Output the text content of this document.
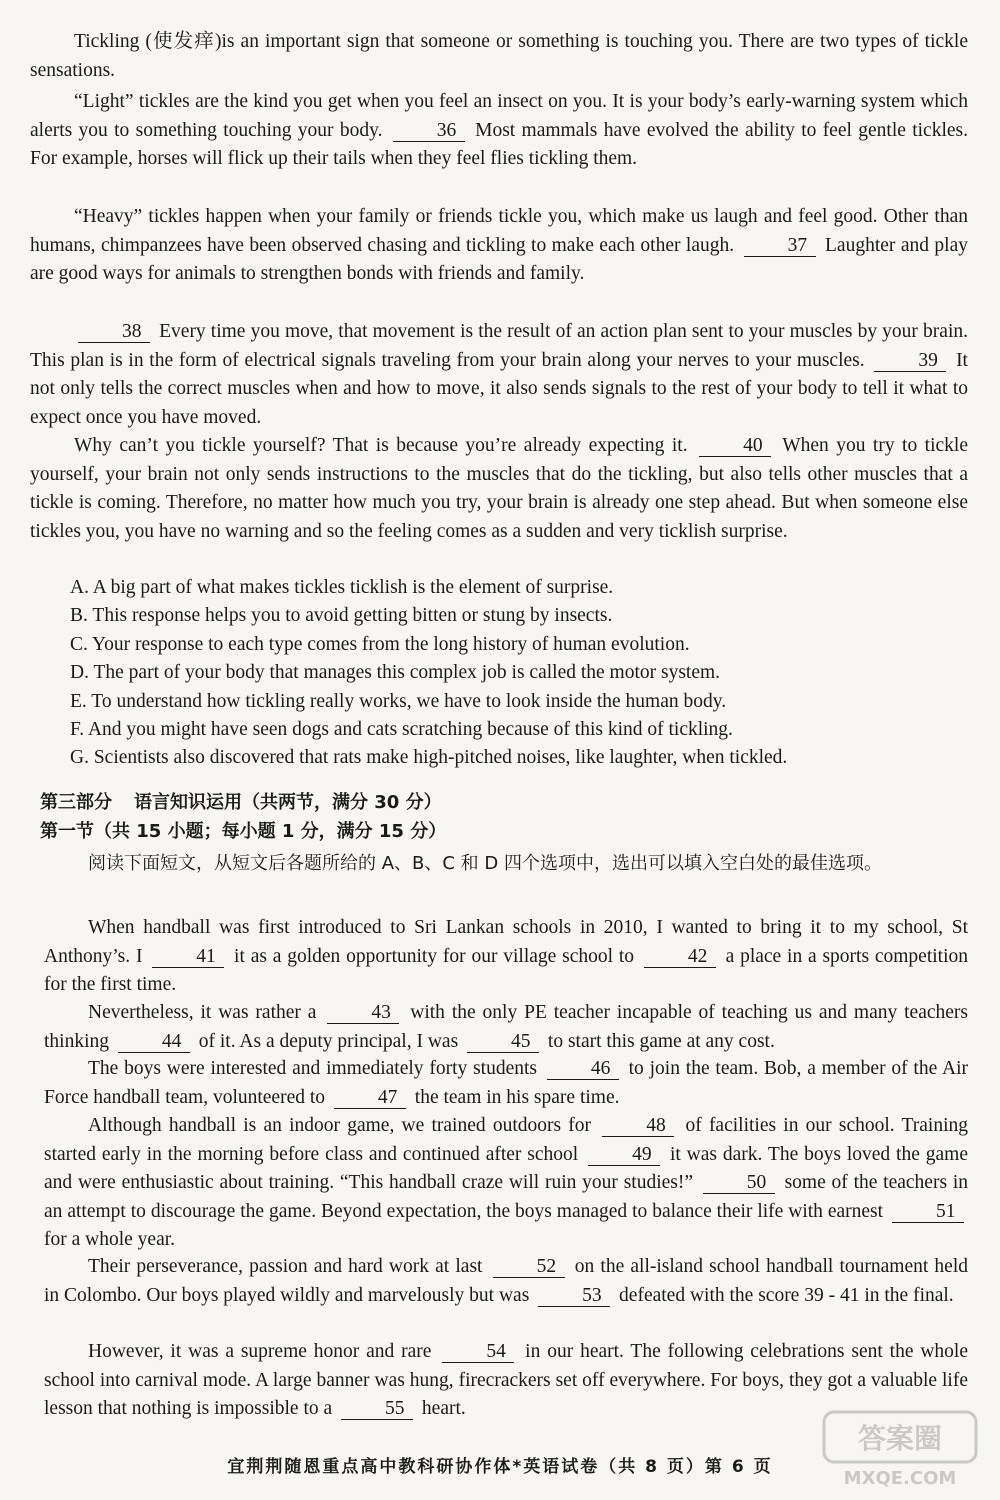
Tickling (使发痒)is an important sign that someone or something is touching you. There are two types of tickle sensations.

“Light” tickles are the kind you get when you feel an insect on you. It is your body’s early-warning system which alerts you to something touching your body. 36 Most mammals have evolved the ability to feel gentle tickles. For example, horses will flick up their tails when they feel flies tickling them.

“Heavy” tickles happen when your family or friends tickle you, which make us laugh and feel good. Other than humans, chimpanzees have been observed chasing and tickling to make each other laugh. 37 Laughter and play are good ways for animals to strengthen bonds with friends and family.

38 Every time you move, that movement is the result of an action plan sent to your muscles by your brain. This plan is in the form of electrical signals traveling from your brain along your nerves to your muscles. 39 It not only tells the correct muscles when and how to move, it also sends signals to the rest of your body to tell it what to expect once you have moved.

Why can’t you tickle yourself? That is because you’re already expecting it. 40 When you try to tickle yourself, your brain not only sends instructions to the muscles that do the tickling, but also tells other muscles that a tickle is coming. Therefore, no matter how much you try, your brain is already one step ahead. But when someone else tickles you, you have no warning and so the feeling comes as a sudden and very ticklish surprise.

A. A big part of what makes tickles ticklish is the element of surprise.

B. This response helps you to avoid getting bitten or stung by insects.

C. Your response to each type comes from the long history of human evolution.

D. The part of your body that manages this complex job is called the motor system.

E. To understand how tickling really works, we have to look inside the human body.

F. And you might have seen dogs and cats scratching because of this kind of tickling.

G. Scientists also discovered that rats make high-pitched noises, like laughter, when tickled.

第三部分 语言知识运用（共两节，满分 30 分）

第一节（共 15 小题；每小题 1 分，满分 15 分）

阅读下面短文，从短文后各题所给的 A、B、C 和 D 四个选项中，选出可以填入空白处的最佳选项。

When handball was first introduced to Sri Lankan schools in 2010, I wanted to bring it to my school, St Anthony’s. I 41 it as a golden opportunity for our village school to 42 a place in a sports competition for the first time.

Nevertheless, it was rather a 43 with the only PE teacher incapable of teaching us and many teachers thinking 44 of it. As a deputy principal, I was 45 to start this game at any cost.

The boys were interested and immediately forty students 46 to join the team. Bob, a member of the Air Force handball team, volunteered to 47 the team in his spare time.

Although handball is an indoor game, we trained outdoors for 48 of facilities in our school. Training started early in the morning before class and continued after school 49 it was dark. The boys loved the game and were enthusiastic about training. “This handball craze will ruin your studies!” 50 some of the teachers in an attempt to discourage the game. Beyond expectation, the boys managed to balance their life with earnest 51 for a whole year.

Their perseverance, passion and hard work at last 52 on the all-island school handball tournament held in Colombo. Our boys played wildly and marvelously but was 53 defeated with the score 39 - 41 in the final.

However, it was a supreme honor and rare 54 in our heart. The following celebrations sent the whole school into carnival mode. A large banner was hung, firecrackers set off everywhere. For boys, they got a valuable life lesson that nothing is impossible to a 55 heart.

宜荆荆随恩重点高中教科研协作体*英语试卷（共 8 页）第 6 页
答案圈
MXQE.COM
